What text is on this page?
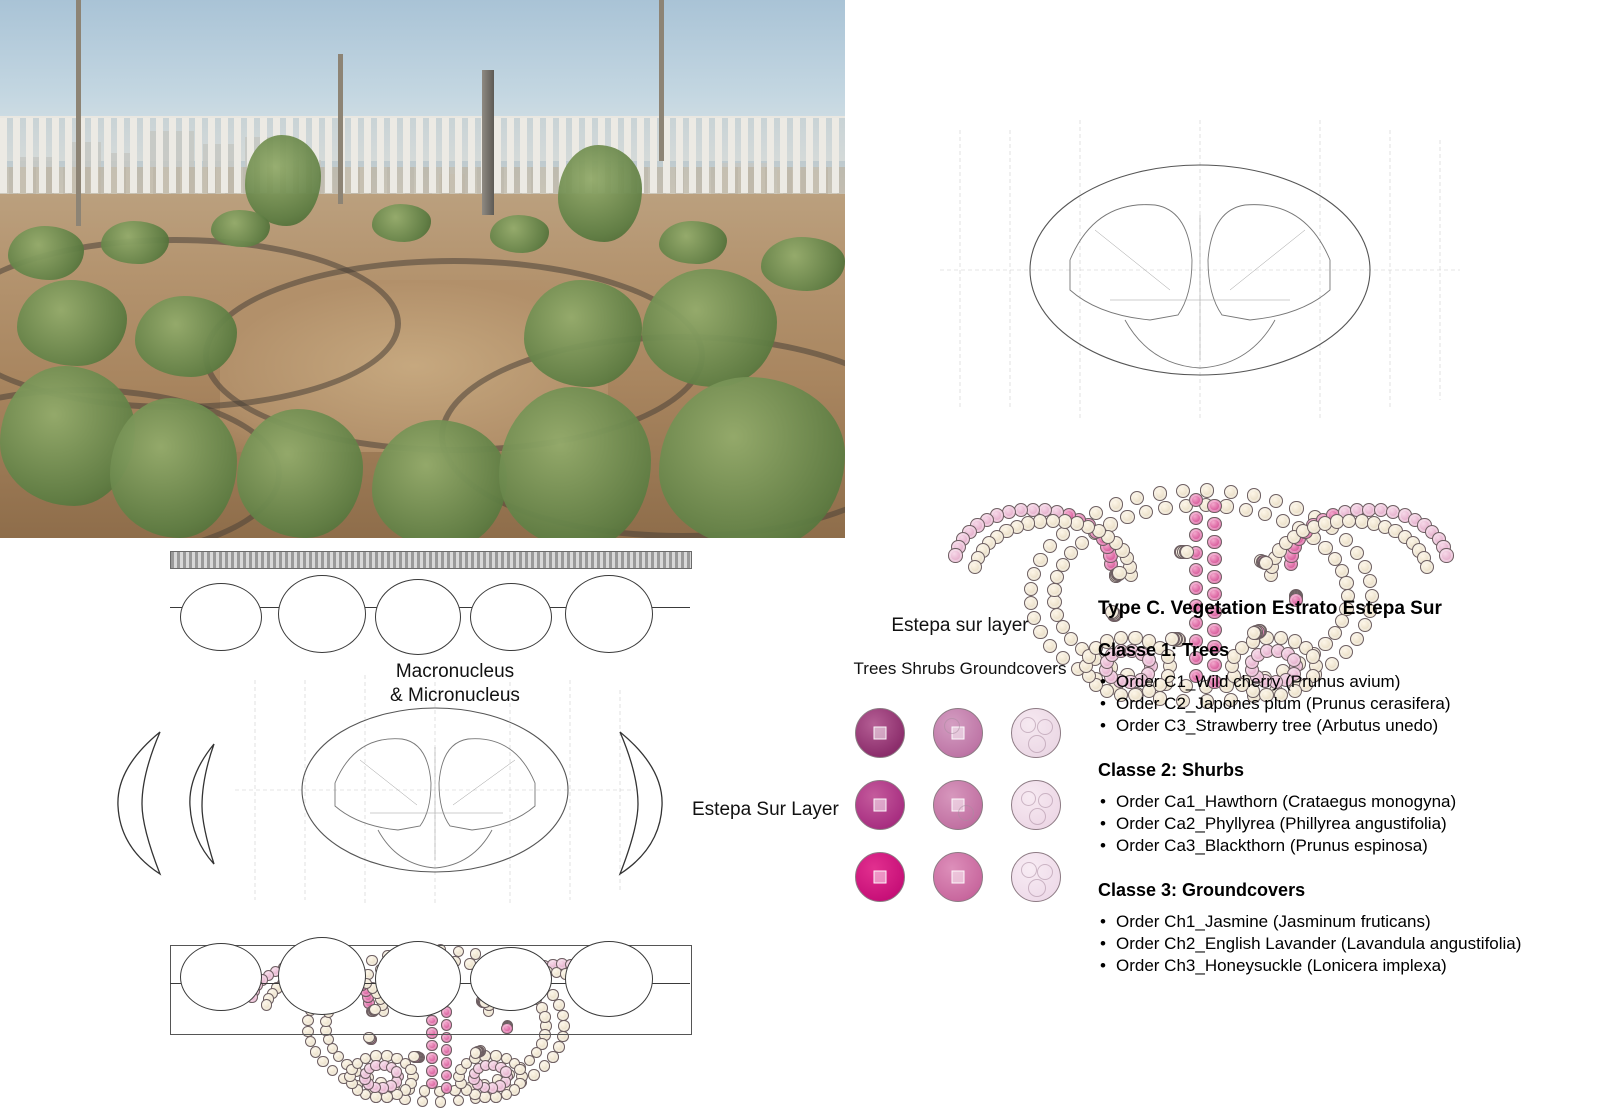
Macronucleus
& Micronucleus
Estepa Sur Layer
Estepa sur layer
Trees Shrubs Groundcovers
Type C. Vegetation Estrato Estepa Sur
Classe 1: Trees
• Order C1_Wild cherry (Prunus avium)
• Order C2_Japones plum (Prunus cerasifera)
• Order C3_Strawberry tree (Arbutus unedo)
Classe 2: Shurbs
• Order Ca1_Hawthorn (Crataegus monogyna)
• Order Ca2_Phyllyrea (Phillyrea angustifolia)
• Order Ca3_Blackthorn (Prunus espinosa)
Classe 3: Groundcovers
• Order Ch1_Jasmine (Jasminum fruticans)
• Order Ch2_English Lavander (Lavandula angustifolia)
• Order Ch3_Honeysuckle (Lonicera implexa)
